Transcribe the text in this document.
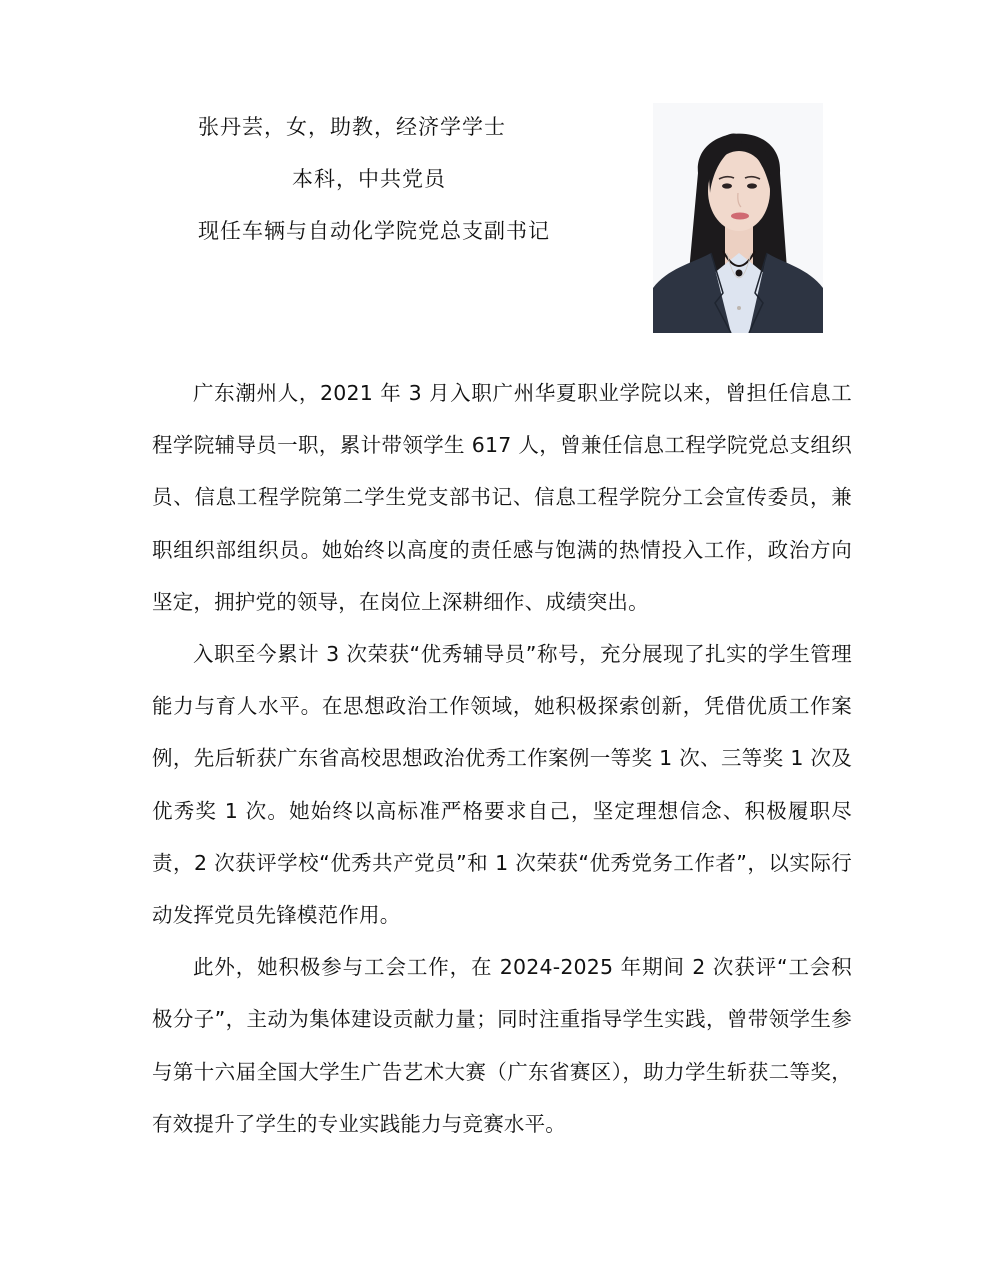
张丹芸，女，助教，经济学学士
本科，中共党员
现任车辆与自动化学院党总支副书记

广东潮州人，2021 年 3 月入职广州华夏职业学院以来，曾担任信息工程学院辅导员一职，累计带领学生 617 人，曾兼任信息工程学院党总支组织员、信息工程学院第二学生党支部书记、信息工程学院分工会宣传委员，兼职组织部组织员。她始终以高度的责任感与饱满的热情投入工作，政治方向坚定，拥护党的领导，在岗位上深耕细作、成绩突出。

入职至今累计 3 次荣获“优秀辅导员”称号，充分展现了扎实的学生管理能力与育人水平。在思想政治工作领域，她积极探索创新，凭借优质工作案例，先后斩获广东省高校思想政治优秀工作案例一等奖 1 次、三等奖 1 次及优秀奖 1 次。她始终以高标准严格要求自己，坚定理想信念、积极履职尽责，2 次获评学校“优秀共产党员”和 1 次荣获“优秀党务工作者”，以实际行动发挥党员先锋模范作用。

此外，她积极参与工会工作，在 2024-2025 年期间 2 次获评“工会积极分子”，主动为集体建设贡献力量；同时注重指导学生实践，曾带领学生参与第十六届全国大学生广告艺术大赛（广东省赛区），助力学生斩获二等奖，有效提升了学生的专业实践能力与竞赛水平。
